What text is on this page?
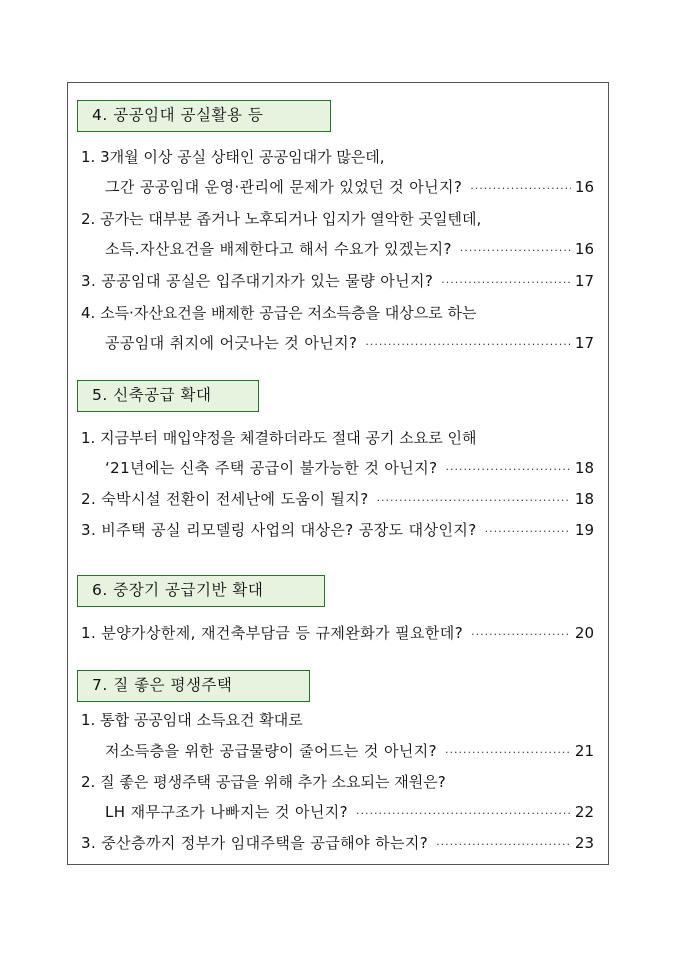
4. 공공임대 공실활용 등
1. 3개월 이상 공실 상태인 공공임대가 많은데,
그간 공공임대 운영·관리에 문제가 있었던 것 아닌지? ·····	16
2. 공가는 대부분 좁거나 노후되거나 입지가 열악한 곳일텐데,
소득.자산요건을 배제한다고 해서 수요가 있겠는지? ·····	16
3. 공공임대 공실은 입주대기자가 있는 물량 아닌지? ·····	17
4. 소득·자산요건을 배제한 공급은 저소득층을 대상으로 하는
공공임대 취지에 어긋나는 것 아닌지? ·····	17
5. 신축공급 확대
1. 지금부터 매입약정을 체결하더라도 절대 공기 소요로 인해
‘21년에는 신축 주택 공급이 불가능한 것 아닌지? ·····	18
2. 숙박시설 전환이 전세난에 도움이 될지? ·····	18
3. 비주택 공실 리모델링 사업의 대상은? 공장도 대상인지? ·····	19
6. 중장기 공급기반 확대
1. 분양가상한제, 재건축부담금 등 규제완화가 필요한데? ·····	20
7. 질 좋은 평생주택
1. 통합 공공임대 소득요건 확대로
저소득층을 위한 공급물량이 줄어드는 것 아닌지? ·····	21
2. 질 좋은 평생주택 공급을 위해 추가 소요되는 재원은?
LH 재무구조가 나빠지는 것 아닌지? ·····	22
3. 중산층까지 정부가 임대주택을 공급해야 하는지? ·····	23
